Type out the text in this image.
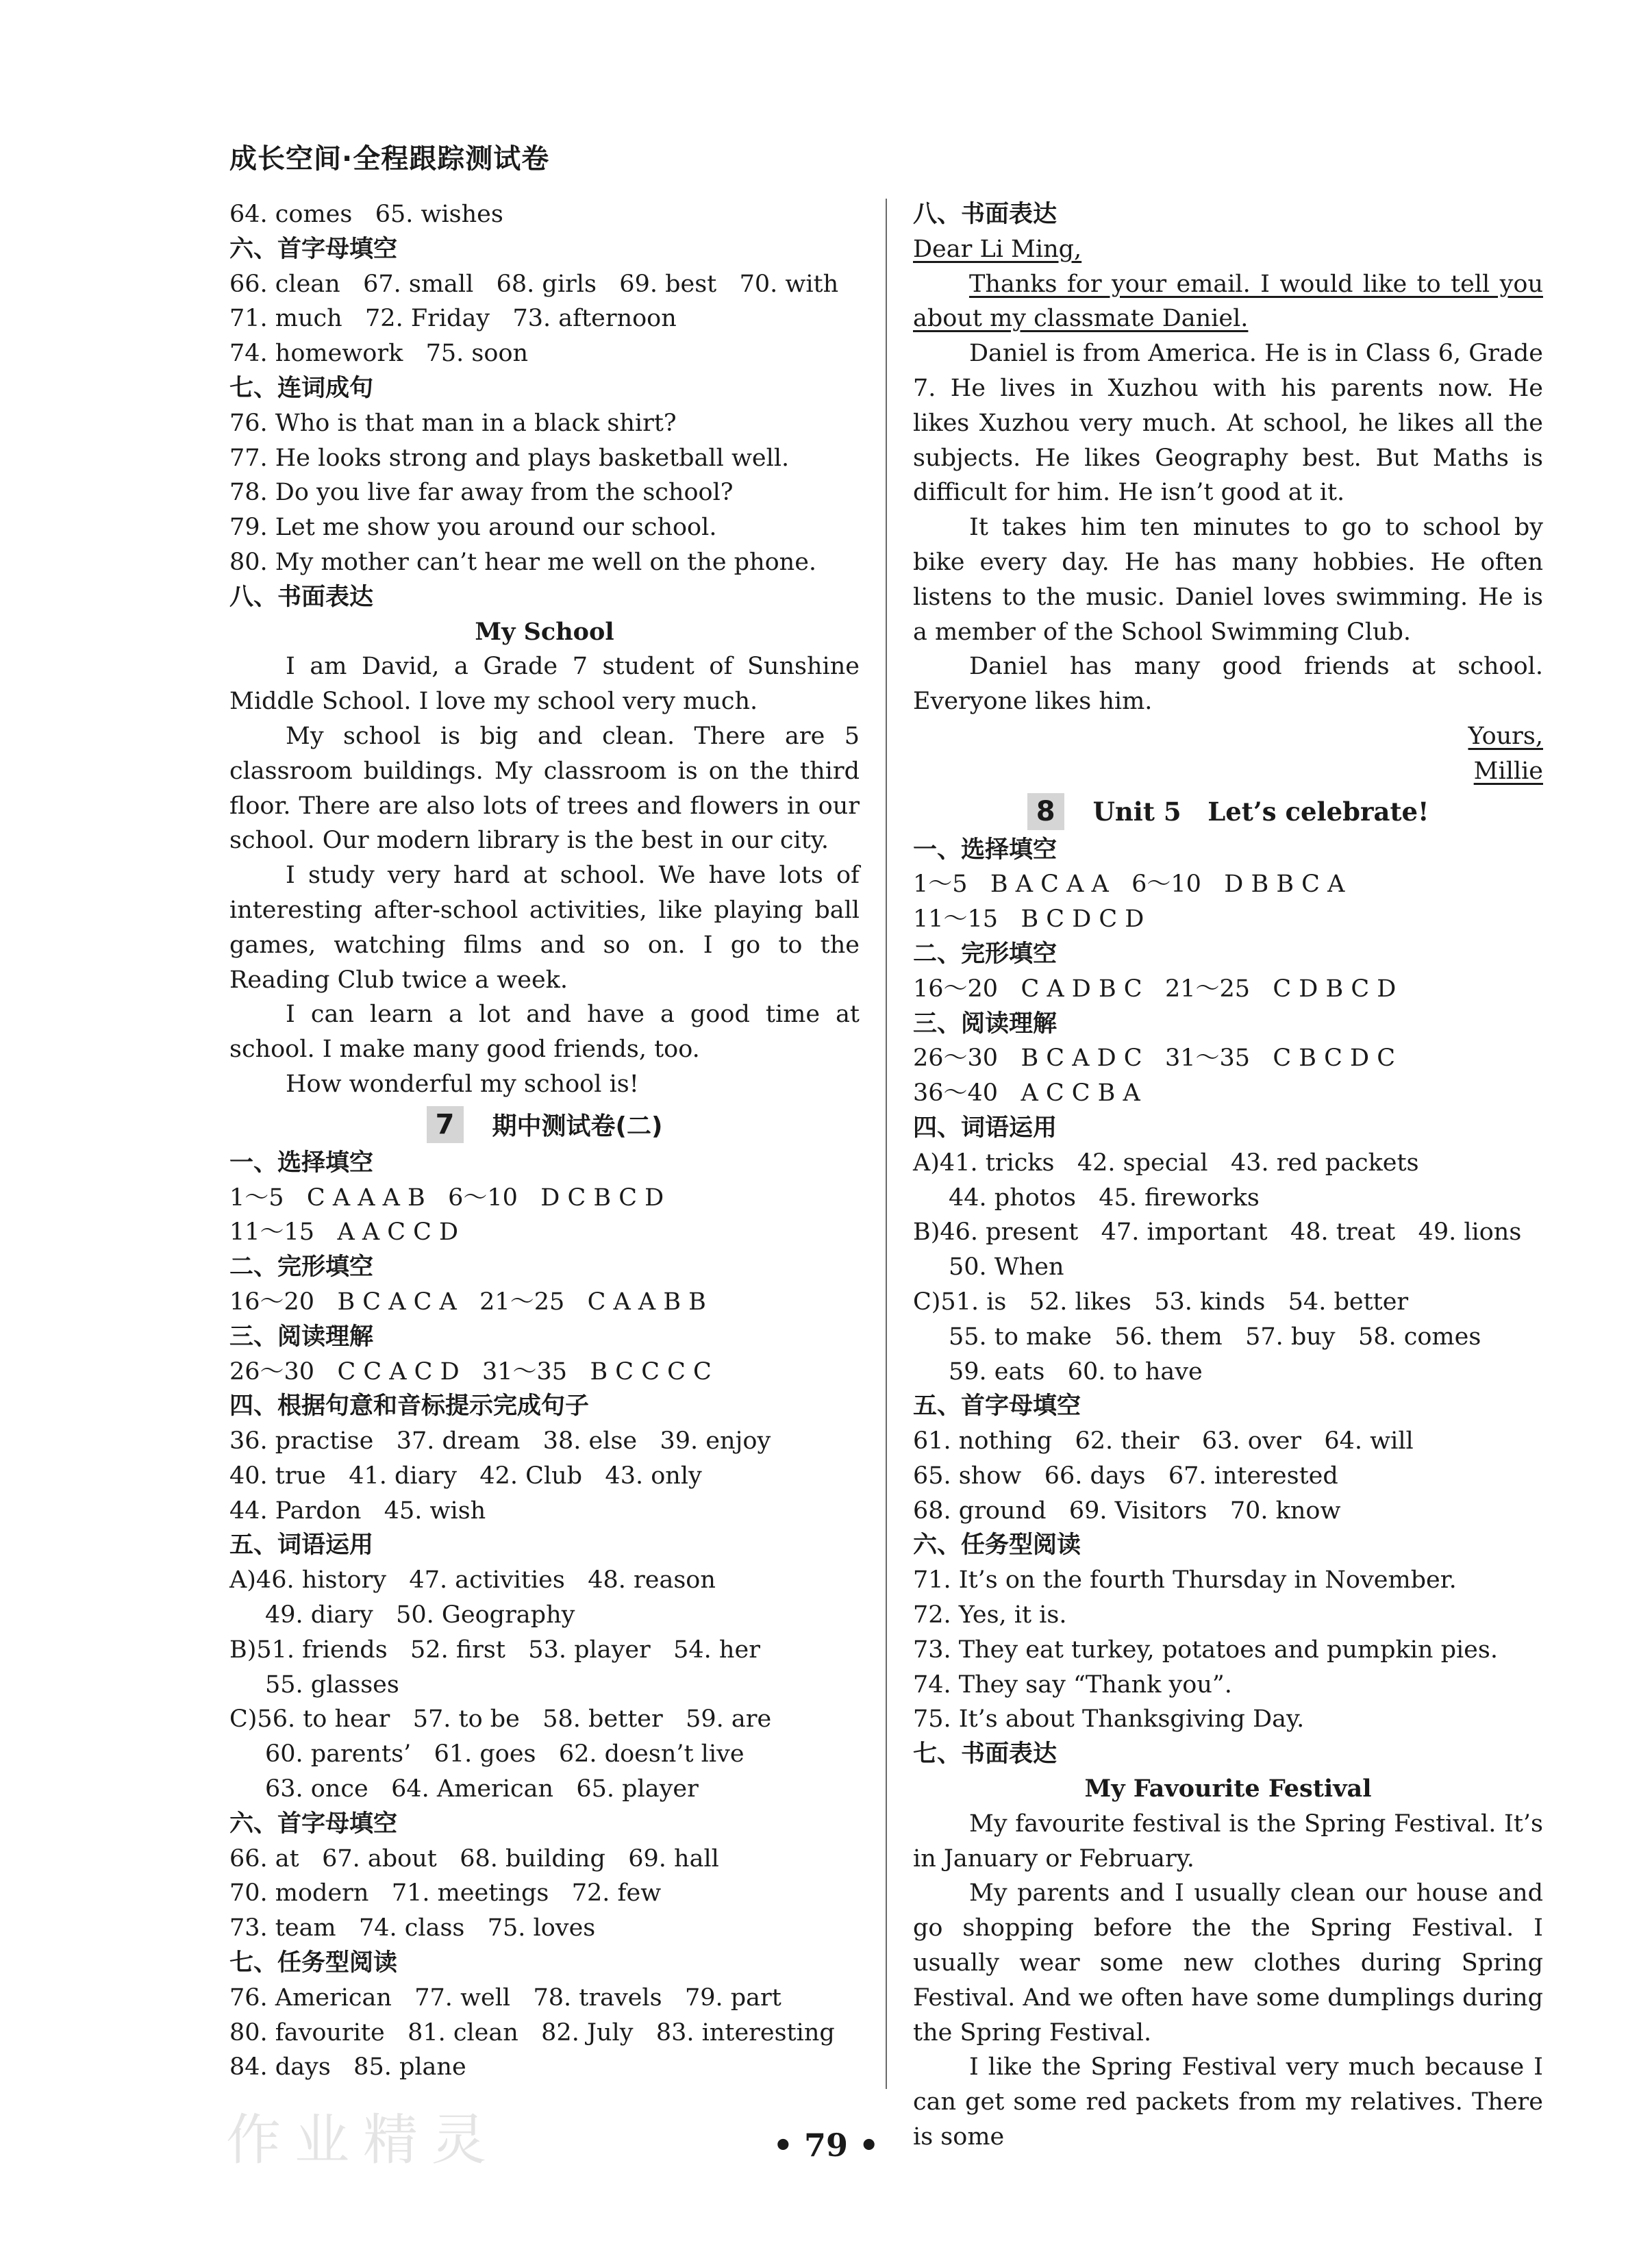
成长空间·全程跟踪测试卷
64. comes   65. wishes
六、首字母填空
66. clean   67. small   68. girls   69. best   70. with
71. much   72. Friday   73. afternoon
74. homework   75. soon
七、连词成句
76. Who is that man in a black shirt?
77. He looks strong and plays basketball well.
78. Do you live far away from the school?
79. Let me show you around our school.
80. My mother can’t hear me well on the phone.
八、书面表达
My School

I am David, a Grade 7 student of Sunshine Middle School. I love my school very much.

My school is big and clean. There are 5 classroom buildings. My classroom is on the third floor. There are also lots of trees and flowers in our school. Our modern library is the best in our city.

I study very hard at school. We have lots of interesting after-school activities, like playing ball games, watching films and so on. I go to the Reading Club twice a week.

I can learn a lot and have a good time at school. I make many good friends, too.

How wonderful my school is!

7	期中测试卷(二)
一、选择填空
1～5   C A A A B   6～10   D C B C D
11～15   A A C C D
二、完形填空
16～20   B C A C A   21～25   C A A B B
三、阅读理解
26～30   C C A C D   31～35   B C C C C
四、根据句意和音标提示完成句子
36. practise   37. dream   38. else   39. enjoy
40. true   41. diary   42. Club   43. only
44. Pardon   45. wish
五、词语运用
A)46. history   47. activities   48. reason
49. diary   50. Geography
B)51. friends   52. first   53. player   54. her
55. glasses
C)56. to hear   57. to be   58. better   59. are
60. parents’   61. goes   62. doesn’t live
63. once   64. American   65. player
六、首字母填空
66. at   67. about   68. building   69. hall
70. modern   71. meetings   72. few
73. team   74. class   75. loves
七、任务型阅读
76. American   77. well   78. travels   79. part
80. favourite   81. clean   82. July   83. interesting
84. days   85. plane
八、书面表达
Dear Li Ming,

Thanks for your email. I would like to tell you about my classmate Daniel.

Daniel is from America. He is in Class 6, Grade 7. He lives in Xuzhou with his parents now. He likes Xuzhou very much. At school, he likes all the subjects. He likes Geography best. But Maths is difficult for him. He isn’t good at it.

It takes him ten minutes to go to school by bike every day. He has many hobbies. He often listens to the music. Daniel loves swimming. He is a member of the School Swimming Club.

Daniel has many good friends at school. Everyone likes him.

Yours,
Millie
8	Unit 5   Let’s celebrate!
一、选择填空
1～5   B A C A A   6～10   D B B C A
11～15   B C D C D
二、完形填空
16～20   C A D B C   21～25   C D B C D
三、阅读理解
26～30   B C A D C   31～35   C B C D C
36～40   A C C B A
四、词语运用
A)41. tricks   42. special   43. red packets
44. photos   45. fireworks
B)46. present   47. important   48. treat   49. lions
50. When
C)51. is   52. likes   53. kinds   54. better
55. to make   56. them   57. buy   58. comes
59. eats   60. to have
五、首字母填空
61. nothing   62. their   63. over   64. will
65. show   66. days   67. interested
68. ground   69. Visitors   70. know
六、任务型阅读
71. It’s on the fourth Thursday in November.
72. Yes, it is.
73. They eat turkey, potatoes and pumpkin pies.
74. They say “Thank you”.
75. It’s about Thanksgiving Day.
七、书面表达
My Favourite Festival

My favourite festival is the Spring Festival. It’s in January or February.

My parents and I usually clean our house and go shopping before the the Spring Festival. I usually wear some new clothes during Spring Festival. And we often have some dumplings during the Spring Festival.

I like the Spring Festival very much because I can get some red packets from my relatives. There is some

作业精灵	• 79 •
